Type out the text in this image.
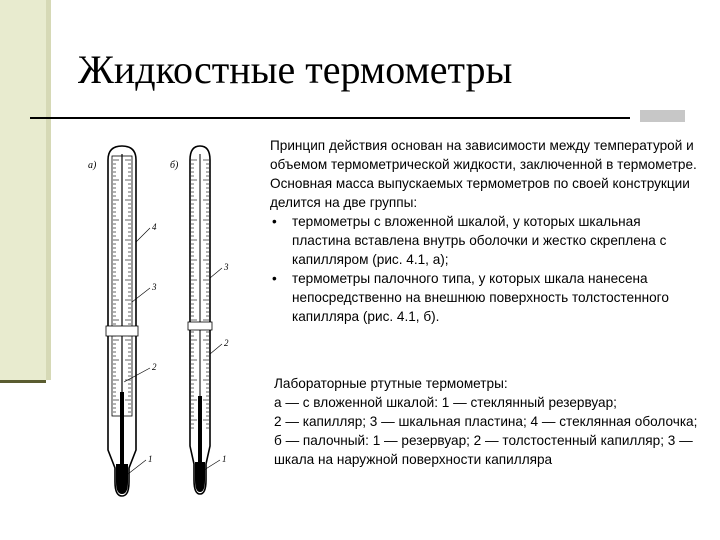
Жидкостные термометры
а)	б)
4
3
2
1
3
2
1

Принцип действия основан на зависимости между температурой и объемом термометрической жидкости, заключенной в термометре.

Основная масса выпускаемых термометров по своей конструкции делится на две группы:

• термометры с вложенной шкалой, у которых шкальная пластина вставлена внутрь оболочки и жестко скреплена с капилляром (рис. 4.1, а);
• термометры палочного типа, у которых шкала нанесена непосредственно на внешнюю поверхность толстостенного капилляра (рис. 4.1, б).

Лабораторные ртутные термометры:

а — с вложенной шкалой: 1 — стеклянный резервуар;

2 — капилляр; 3 — шкальная пластина; 4 — стеклянная оболочка;

б — палочный: 1 — резервуар; 2 — толстостенный капилляр; 3 — шкала на наружной поверхности капилляра
